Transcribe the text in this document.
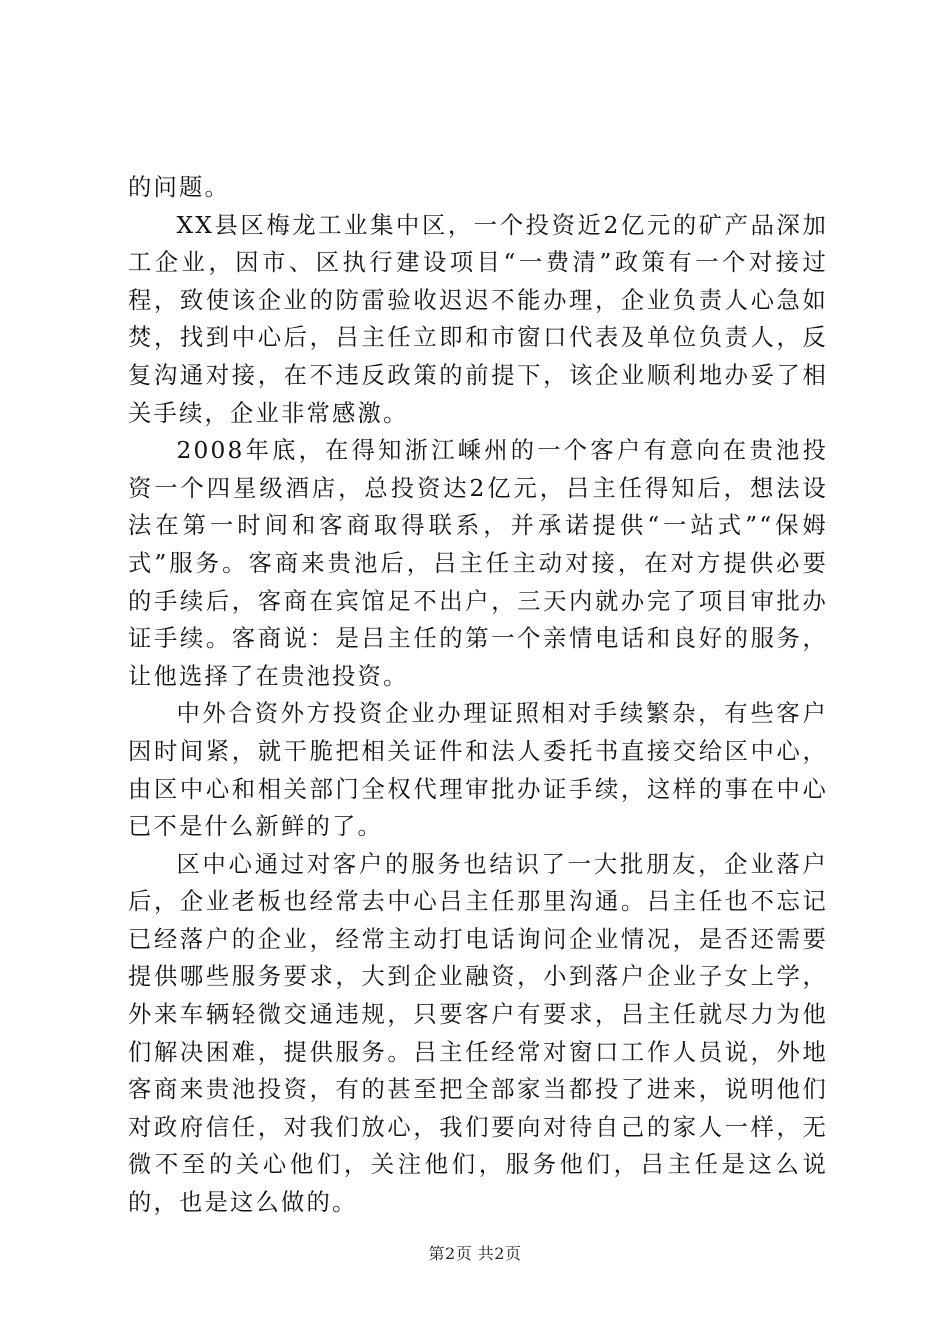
的问题。

XX县区梅龙工业集中区，一个投资近2亿元的矿产品深加工企业，因市、区执行建设项目“一费清”政策有一个对接过程，致使该企业的防雷验收迟迟不能办理，企业负责人心急如焚，找到中心后，吕主任立即和市窗口代表及单位负责人，反复沟通对接，在不违反政策的前提下，该企业顺利地办妥了相关手续，企业非常感激。

2008年底，在得知浙江嵊州的一个客户有意向在贵池投资一个四星级酒店，总投资达2亿元，吕主任得知后，想法设法在第一时间和客商取得联系，并承诺提供“一站式”“保姆式”服务。客商来贵池后，吕主任主动对接，在对方提供必要的手续后，客商在宾馆足不出户，三天内就办完了项目审批办证手续。客商说：是吕主任的第一个亲情电话和良好的服务，让他选择了在贵池投资。

中外合资外方投资企业办理证照相对手续繁杂，有些客户因时间紧，就干脆把相关证件和法人委托书直接交给区中心，由区中心和相关部门全权代理审批办证手续，这样的事在中心已不是什么新鲜的了。

区中心通过对客户的服务也结识了一大批朋友，企业落户后，企业老板也经常去中心吕主任那里沟通。吕主任也不忘记已经落户的企业，经常主动打电话询问企业情况，是否还需要提供哪些服务要求，大到企业融资，小到落户企业子女上学，外来车辆轻微交通违规，只要客户有要求，吕主任就尽力为他们解决困难，提供服务。吕主任经常对窗口工作人员说，外地客商来贵池投资，有的甚至把全部家当都投了进来，说明他们对政府信任，对我们放心，我们要向对待自己的家人一样，无微不至的关心他们，关注他们，服务他们，吕主任是这么说的，也是这么做的。

第2页 共2页
